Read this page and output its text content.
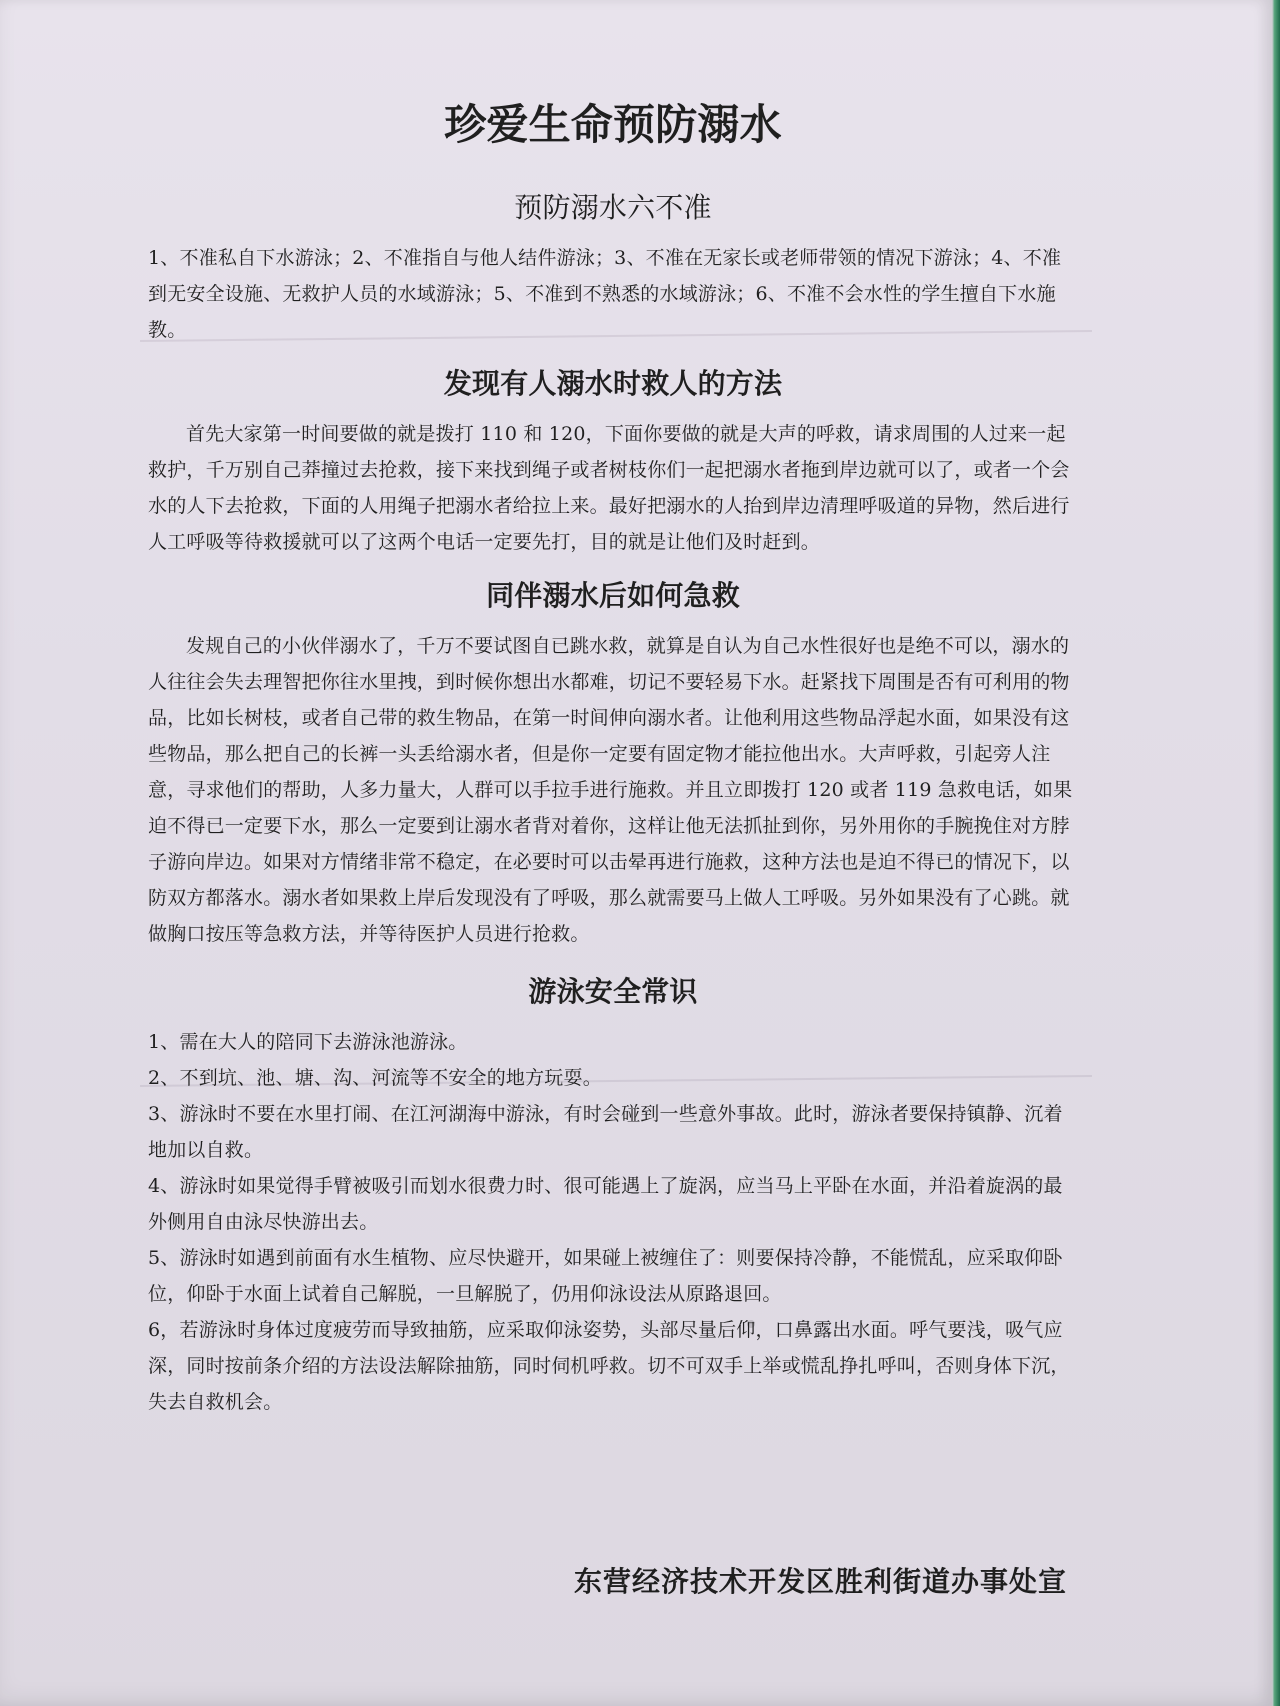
珍爱生命预防溺水
预防溺水六不准

1、不准私自下水游泳；2、不准指自与他人结件游泳；3、不准在无家长或老师带领的情况下游泳；4、不准到无安全设施、无救护人员的水域游泳；5、不准到不熟悉的水域游泳；6、不准不会水性的学生擅自下水施教。

发现有人溺水时救人的方法

首先大家第一时间要做的就是拨打 110 和 120，下面你要做的就是大声的呼救，请求周围的人过来一起救护，千万别自己莽撞过去抢救，接下来找到绳子或者树枝你们一起把溺水者拖到岸边就可以了，或者一个会水的人下去抢救，下面的人用绳子把溺水者给拉上来。最好把溺水的人抬到岸边清理呼吸道的异物，然后进行人工呼吸等待救援就可以了这两个电话一定要先打，目的就是让他们及时赶到。

同伴溺水后如何急救

发规自己的小伙伴溺水了，千万不要试图自已跳水救，就算是自认为自己水性很好也是绝不可以，溺水的人往往会失去理智把你往水里拽，到时候你想出水都难，切记不要轻易下水。赶紧找下周围是否有可利用的物品，比如长树枝，或者自己带的救生物品，在第一时间伸向溺水者。让他利用这些物品浮起水面，如果没有这些物品，那么把自己的长裤一头丢给溺水者，但是你一定要有固定物才能拉他出水。大声呼救，引起旁人注意，寻求他们的帮助，人多力量大，人群可以手拉手进行施救。并且立即拨打 120 或者 119 急救电话，如果迫不得已一定要下水，那么一定要到让溺水者背对着你，这样让他无法抓扯到你，另外用你的手腕挽住对方脖子游向岸边。如果对方情绪非常不稳定，在必要时可以击晕再进行施救，这种方法也是迫不得已的情况下，以防双方都落水。溺水者如果救上岸后发现没有了呼吸，那么就需要马上做人工呼吸。另外如果没有了心跳。就做胸口按压等急救方法，并等待医护人员进行抢救。

游泳安全常识

1、需在大人的陪同下去游泳池游泳。

2、不到坑、池、塘、沟、河流等不安全的地方玩耍。

3、游泳时不要在水里打闹、在江河湖海中游泳，有时会碰到一些意外事故。此时，游泳者要保持镇静、沉着地加以自救。

4、游泳时如果觉得手臂被吸引而划水很费力时、很可能遇上了旋涡，应当马上平卧在水面，并沿着旋涡的最外侧用自由泳尽快游出去。

5、游泳时如遇到前面有水生植物、应尽快避开，如果碰上被缠住了：则要保持冷静，不能慌乱，应采取仰卧位，仰卧于水面上试着自己解脱，一旦解脱了，仍用仰泳设法从原路退回。

6，若游泳时身体过度疲劳而导致抽筋，应采取仰泳姿势，头部尽量后仰，口鼻露出水面。呼气要浅，吸气应深，同时按前条介绍的方法设法解除抽筋，同时伺机呼救。切不可双手上举或慌乱挣扎呼叫，否则身体下沉，失去自救机会。

东营经济技术开发区胜利街道办事处宣
